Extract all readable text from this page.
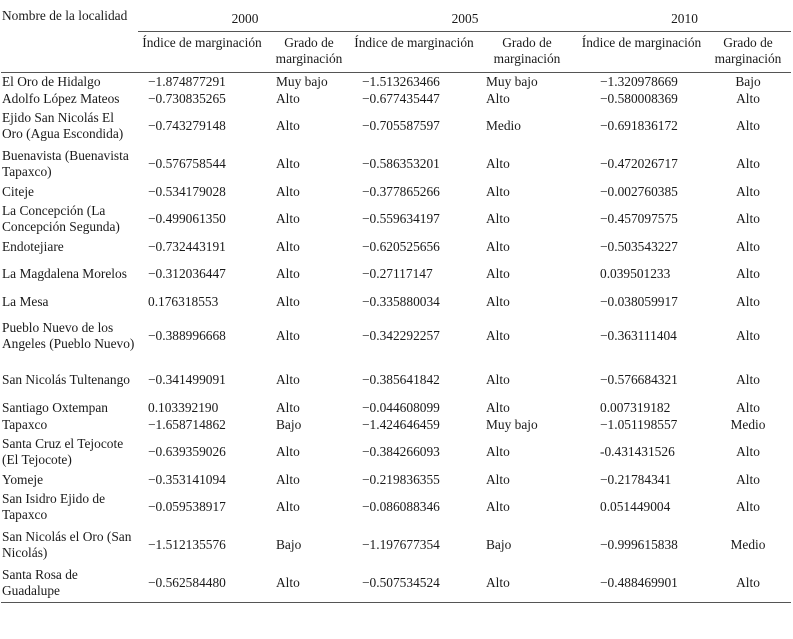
Nombre de la localidad	2000		2005		2010	
	Índice de marginación	Grado de marginación	Índice de marginación	Grado de marginación	Índice de marginación	Grado de marginación
El Oro de Hidalgo	−1.874877291	Muy bajo	−1.513263466	Muy bajo	−1.320978669	Bajo
Adolfo López Mateos	−0.730835265	Alto	−0.677435447	Alto	−0.580008369	Alto
Ejido San Nicolás El Oro (Agua Escondida)	−0.743279148	Alto	−0.705587597	Medio	−0.691836172	Alto
Buenavista (Buenavista Tapaxco)	−0.576758544	Alto	−0.586353201	Alto	−0.472026717	Alto
Citeje	−0.534179028	Alto	−0.377865266	Alto	−0.002760385	Alto
La Concepción (La Concepción Segunda)	−0.499061350	Alto	−0.559634197	Alto	−0.457097575	Alto
Endotejiare	−0.732443191	Alto	−0.620525656	Alto	−0.503543227	Alto
La Magdalena Morelos	−0.312036447	Alto	−0.27117147	Alto	0.039501233	Alto
La Mesa	0.176318553	Alto	−0.335880034	Alto	−0.038059917	Alto
Pueblo Nuevo de los Angeles (Pueblo Nuevo)	−0.388996668	Alto	−0.342292257	Alto	−0.363111404	Alto
San Nicolás Tultenango	−0.341499091	Alto	−0.385641842	Alto	−0.576684321	Alto
Santiago Oxtempan	0.103392190	Alto	−0.044608099	Alto	0.007319182	Alto
Tapaxco	−1.658714862	Bajo	−1.424646459	Muy bajo	−1.051198557	Medio
Santa Cruz el Tejocote (El Tejocote)	−0.639359026	Alto	−0.384266093	Alto	-0.431431526	Alto
Yomeje	−0.353141094	Alto	−0.219836355	Alto	−0.21784341	Alto
San Isidro Ejido de Tapaxco	−0.059538917	Alto	−0.086088346	Alto	0.051449004	Alto
San Nicolás el Oro (San Nicolás)	−1.512135576	Bajo	−1.197677354	Bajo	−0.999615838	Medio
Santa Rosa de Guadalupe	−0.562584480	Alto	−0.507534524	Alto	−0.488469901	Alto
